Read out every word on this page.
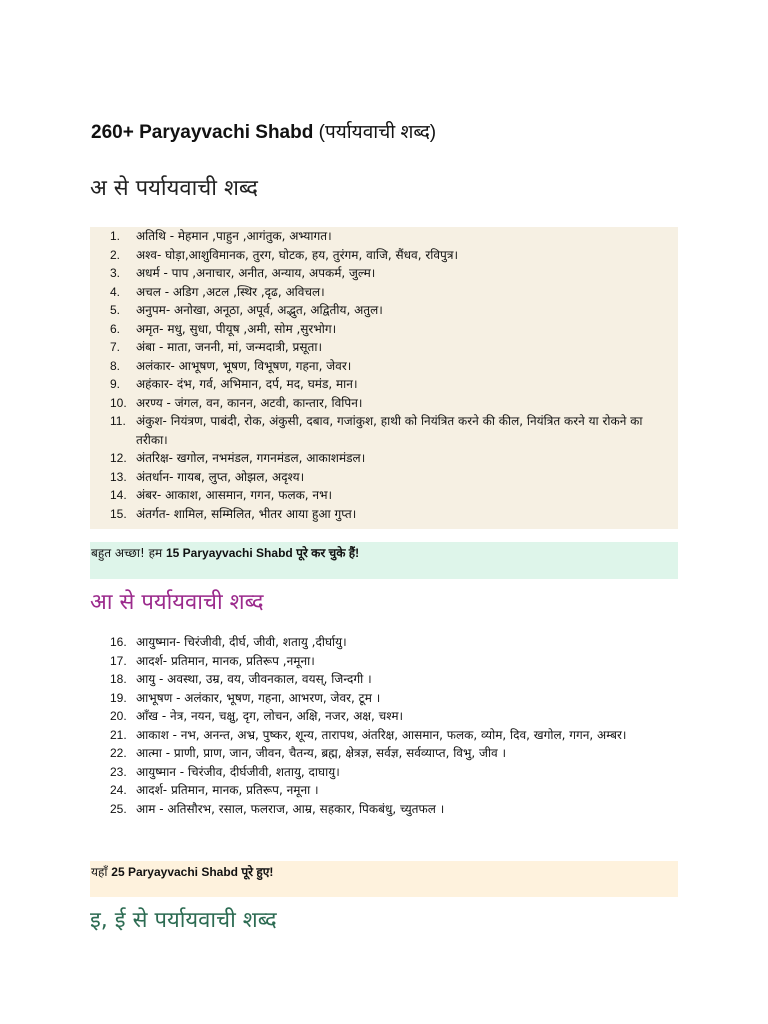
260+ Paryayvachi Shabd (पर्यायवाची शब्द)
अ से पर्यायवाची शब्द
1.	अतिथि - मेहमान ,पाहुन ,आगंतुक, अभ्यागत।
2.	अश्व- घोड़ा,आशुविमानक, तुरग, घोटक, हय, तुरंगम, वाजि, सैंधव, रविपुत्र।
3.	अधर्म - पाप ,अनाचार, अनीत, अन्याय, अपकर्म, जुल्म।
4.	अचल - अडिग ,अटल ,स्थिर ,दृढ, अविचल।
5.	अनुपम- अनोखा, अनूठा, अपूर्व, अद्भुत, अद्वितीय, अतुल।
6.	अमृत- मधु, सुधा, पीयूष ,अमी, सोम ,सुरभोग।
7.	अंबा - माता, जननी, मां, जन्मदात्री, प्रसूता।
8.	अलंकार- आभूषण, भूषण, विभूषण, गहना, जेवर।
9.	अहंकार- दंभ, गर्व, अभिमान, दर्प, मद, घमंड, मान।
10. अरण्य - जंगल, वन, कानन, अटवी, कान्तार, विपिन।
11. अंकुश- नियंत्रण, पाबंदी, रोक, अंकुसी, दबाव, गजांकुश, हाथी को नियंत्रित करने की कील, नियंत्रित करने या रोकने का तरीका।
12. अंतरिक्ष- खगोल, नभमंडल, गगनमंडल, आकाशमंडल।
13. अंतर्धान- गायब, लुप्त, ओझल, अदृश्य।
14. अंबर- आकाश, आसमान, गगन, फलक, नभ।
15. अंतर्गत- शामिल, सम्मिलित, भीतर आया हुआ गुप्त।
बहुत अच्छा! हम 15 Paryayvachi Shabd पूरे कर चुके हैं!
आ से पर्यायवाची शब्द
16. आयुष्मान- चिरंजीवी, दीर्घ, जीवी, शतायु ,दीर्घायु।
17. आदर्श- प्रतिमान, मानक, प्रतिरूप ,नमूना।
18. आयु - अवस्था, उम्र, वय, जीवनकाल, वयस्, जिन्दगी ।
19. आभूषण - अलंकार, भूषण, गहना, आभरण, जेवर, टूम ।
20. आँख - नेत्र, नयन, चक्षु, दृग, लोचन, अक्षि, नजर, अक्ष, चश्म।
21. आकाश - नभ, अनन्त, अभ्र, पुष्कर, शून्य, तारापथ, अंतरिक्ष, आसमान, फलक, व्योम, दिव, खगोल, गगन, अम्बर।
22. आत्मा - प्राणी, प्राण, जान, जीवन, चैतन्य, ब्रह्म, क्षेत्रज्ञ, सर्वज्ञ, सर्वव्याप्त, विभु, जीव ।
23. आयुष्मान - चिरंजीव, दीर्घजीवी, शतायु, दाघायु।
24. आदर्श- प्रतिमान, मानक, प्रतिरूप, नमूना ।
25. आम - अतिसौरभ, रसाल, फलराज, आम्र, सहकार, पिकबंधु, च्युतफल ।
यहाँ 25 Paryayvachi Shabd पूरे हुए!
इ, ई से पर्यायवाची शब्द
